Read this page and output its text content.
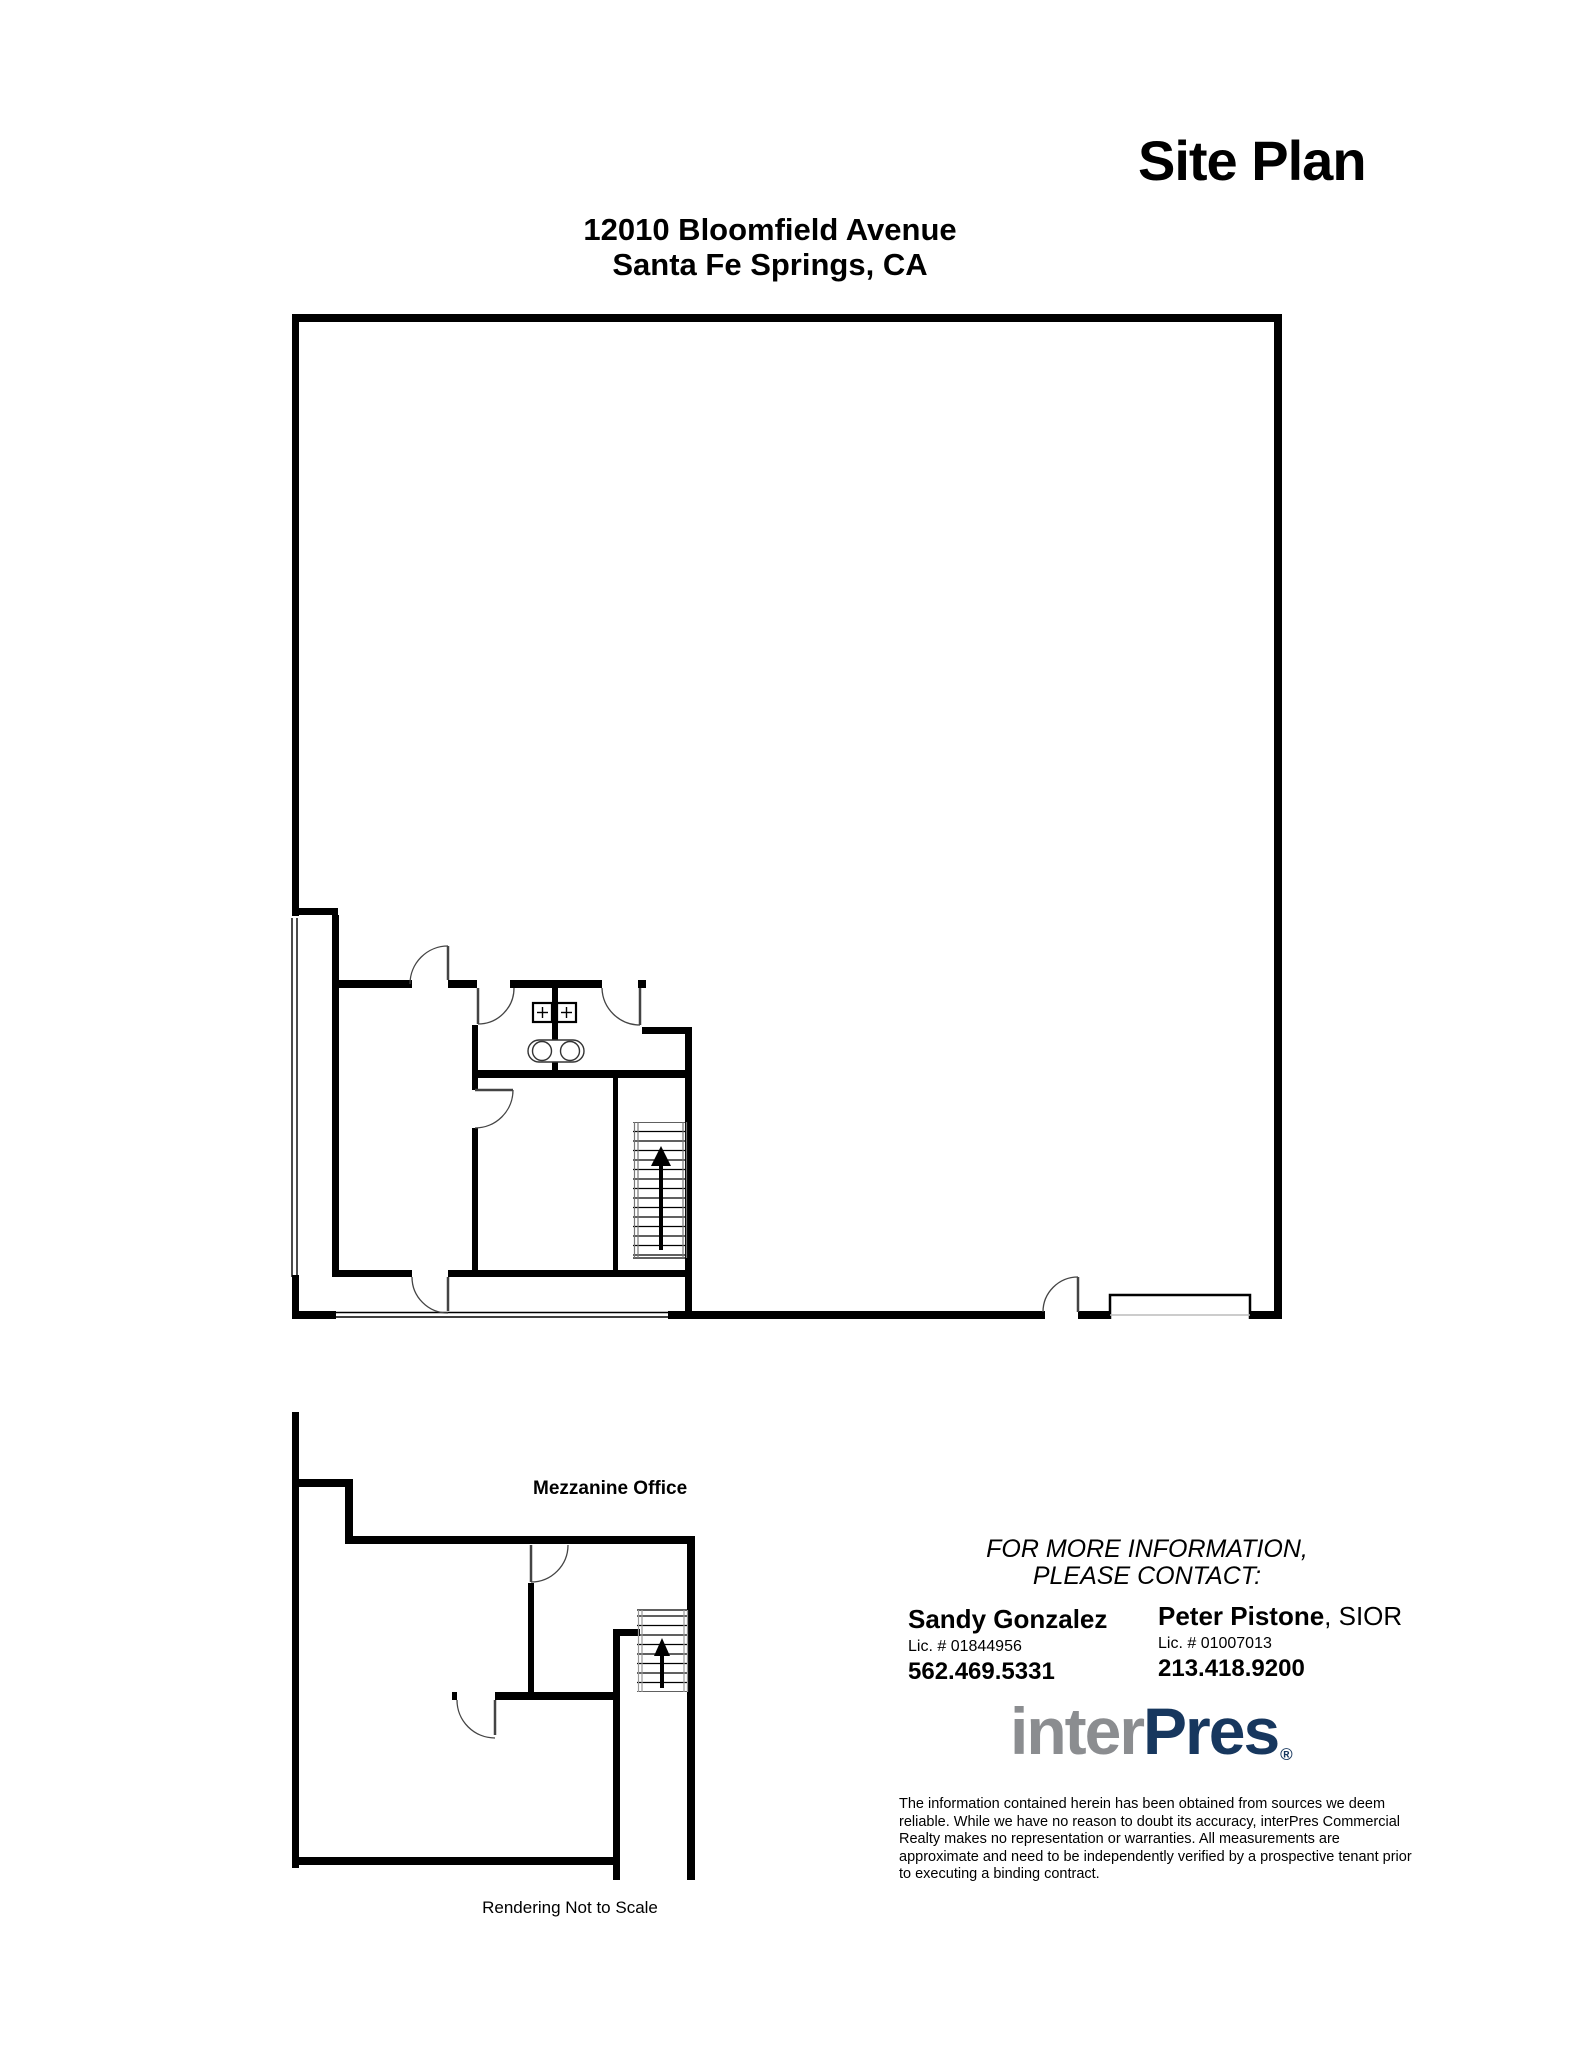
Site Plan
12010 Bloomfield Avenue
Santa Fe Springs, CA
Mezzanine Office
Rendering Not to Scale
FOR MORE INFORMATION,
PLEASE CONTACT:
Sandy Gonzalez
Lic. # 01844956
562.469.5331
Peter Pistone, SIOR
Lic. # 01007013
213.418.9200
interPres ®
The information contained herein has been obtained from sources we deem
reliable. While we have no reason to doubt its accuracy, interPres Commercial
Realty makes no representation or warranties. All measurements are
approximate and need to be independently verified by a prospective tenant prior
to executing a binding contract.
